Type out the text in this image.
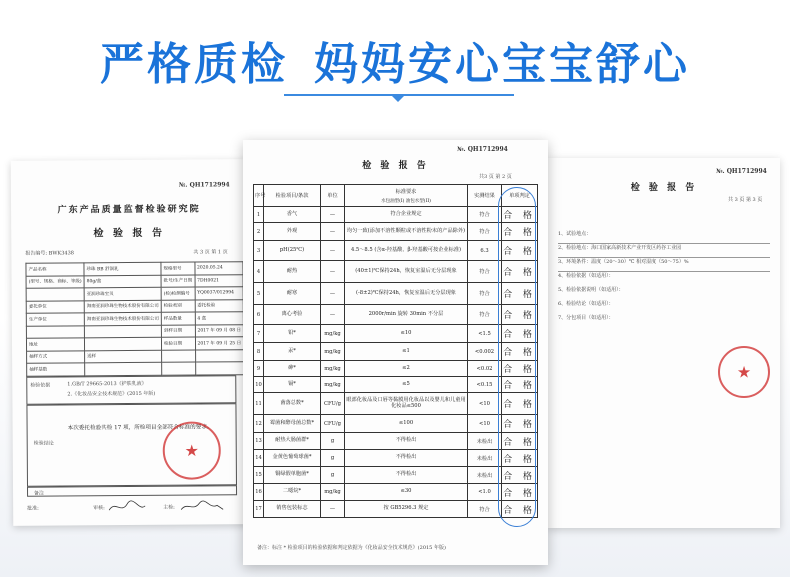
严格质检 妈妈安心宝宝舒心
№. QH1712994
广东产品质量监督检验研究院
检 验 报 告
报告编号: BWK3438	共 3 页 第 1 页
产品名称	珍珠 BB 舒润乳	规格型号	2020.05.24
(型号、规格、商标、等级)	80g/盒	批号/生产日期	7DH0021
	亚润珍珠宝贝	(检)检测编号	YQ0037/012994
委托单位	海南亚润珍珠生物技术股份有限公司	检验类别	委托检验
生产单位	海南亚润珍珠生物技术股份有限公司	样品数量	4 盒
		到样日期	2017 年 09 月 08 日
地址		检验日期	2017 年 09 月 25 日
抽样方式	送样		
抽样基数			
检验依据	1.GB/T 29665-2013《护肤乳液》
2.《化妆品安全技术规范》(2015 年版)
检验结论
本次委托检验共检 17 项，所检项目全部符合标准的要求。
备注
★
批准:	审核:	主检:
№. QH1712994
检 验 报 告
共 3 页 第 3 页
1、试验地点：
2、检验地点：海口国家高新技术产业开发区药谷工业园
3、环境条件：温度（20～30）℃ 相对湿度（50～75）%
4、检验依据（如适用）：
5、检验依据说明（如适用）：
6、检验结论（如适用）：
7、分包项目（如适用）：
★
№. QH1712994
检 验 报 告
共3 页 第 2 页
序号	检验项目/条款	单位	标准要求
水包油型(I) 油包水型(II)	实测结果	单项判定
1	香气	—	符合企业规定	符合	合 格
2	外观	—	均匀一致(添加不溶性颗粒或不溶性粉末的产品除外)	符合	合 格
3	pH(25℃)	—	4.5～8.5 (含α-羟基酸、β-羟基酸可按企业标准)	6.3	合 格
4	耐热	—	(40±1)℃保持24h，恢复室温后无分层现象	符合	合 格
5	耐寒	—	(-8±2)℃保持24h，恢复室温后无分层现象	符合	合 格
6	离心考验	—	2000r/min 旋转 30min 不分层	符合	合 格
7	铅*	mg/kg	≤10	<1.5	合 格
8	汞*	mg/kg	≤1	<0.002	合 格
9	砷*	mg/kg	≤2	<0.02	合 格
10	镉*	mg/kg	≤5	<0.15	合 格
11	菌落总数*	CFU/g	眼部化妆品及口唇等黏膜用化妆品以及婴儿和儿童用化妆品≤500	<10	合 格
12	霉菌和酵母菌总数*	CFU/g	≤100	<10	合 格
13	耐热大肠菌群*	g	不得检出	未检出	合 格
14	金黄色葡萄球菌*	g	不得检出	未检出	合 格
15	铜绿假单胞菌*	g	不得检出	未检出	合 格
16	二噁烷*	mg/kg	≤30	<1.0	合 格
17	销售包装标志	—	按 GB5296.3 规定	符合	合 格
备注：标注 * 检验项目的检验依据和判定依据为《化妆品安全技术规范》(2015 年版)
